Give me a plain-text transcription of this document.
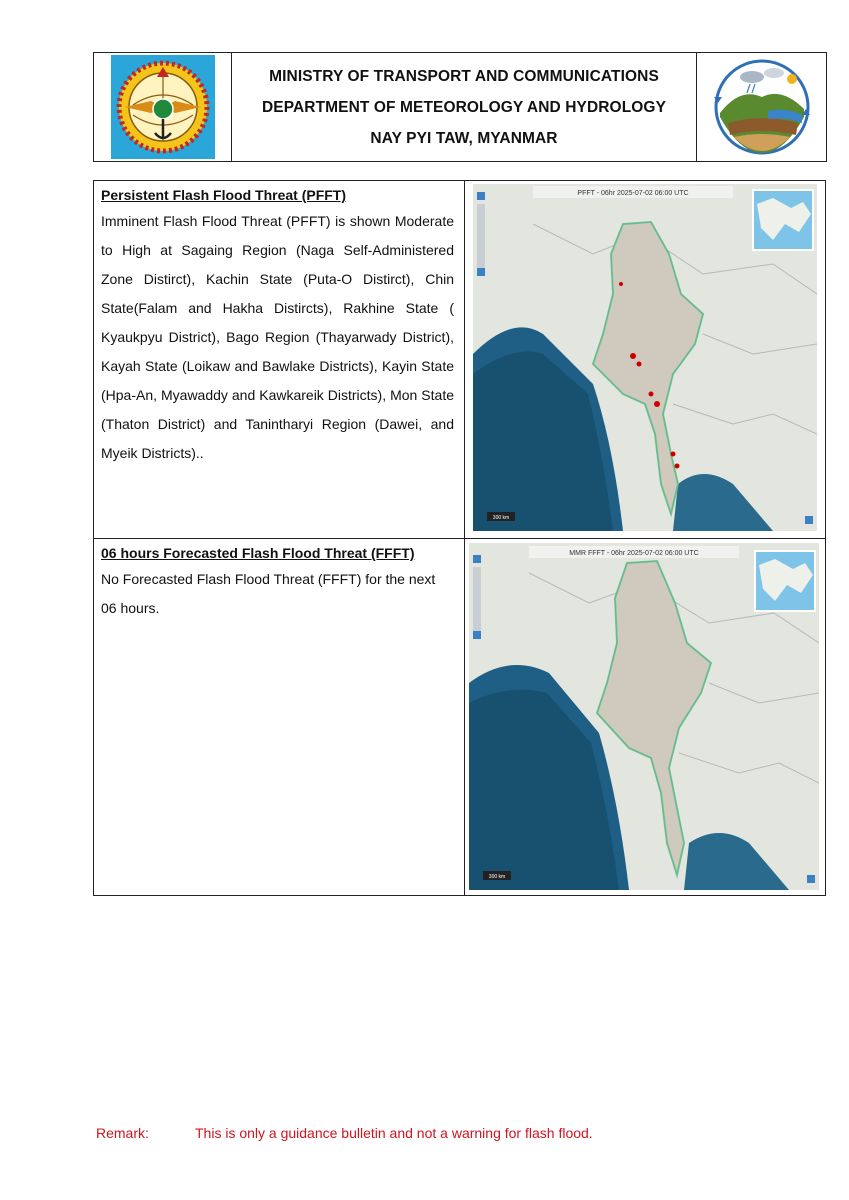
MINISTRY OF TRANSPORT AND COMMUNICATIONS
DEPARTMENT OF METEOROLOGY AND HYDROLOGY
NAY PYI TAW, MYANMAR

Persistent Flash Flood Threat (PFFT)

Imminent Flash Flood Threat (PFFT) is shown Moderate to High at Sagaing Region (Naga Self-Administered Zone Distirct), Kachin State (Puta-O Distirct), Chin State(Falam and Hakha Distircts), Rakhine State ( Kyaukpyu District), Bago Region (Thayarwady District), Kayah State (Loikaw and Bawlake Districts), Kayin State (Hpa-An, Myawaddy and Kawkareik Districts), Mon State (Thaton District) and Tanintharyi Region (Dawei, and Myeik Districts)..

PFFT - 06hr 2025-07-02 06:00 UTC
300 km

06 hours Forecasted Flash Flood Threat (FFFT)

No Forecasted Flash Flood Threat (FFFT) for the next 06 hours.

MMR FFFT - 06hr 2025-07-02 06:00 UTC
300 km
Remark:	This is only a guidance bulletin and not a warning for flash flood.
